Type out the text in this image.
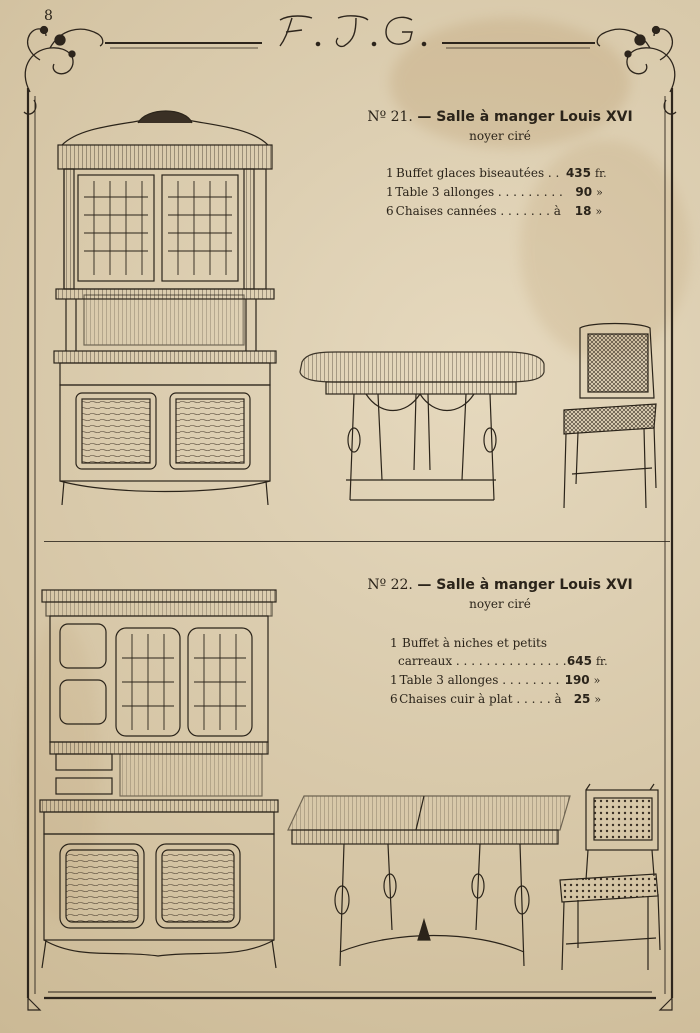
8
Nº 21. — Salle à manger Louis XVI
noyer ciré
1 Buffet glaces biseautées . . 435 fr.
1 Table 3 allonges . . . . . . . . .	90 »
6 Chaises cannées . . . . . . . à	18 »
Nº 22. — Salle à manger Louis XVI
noyer ciré
1 Buffet à niches et petits
carreaux . . . . . . . . . . . . . . . 645 fr.
1 Table 3 allonges . . . . . . . . 190 »
6 Chaises cuir à plat . . . . . à	25 »
